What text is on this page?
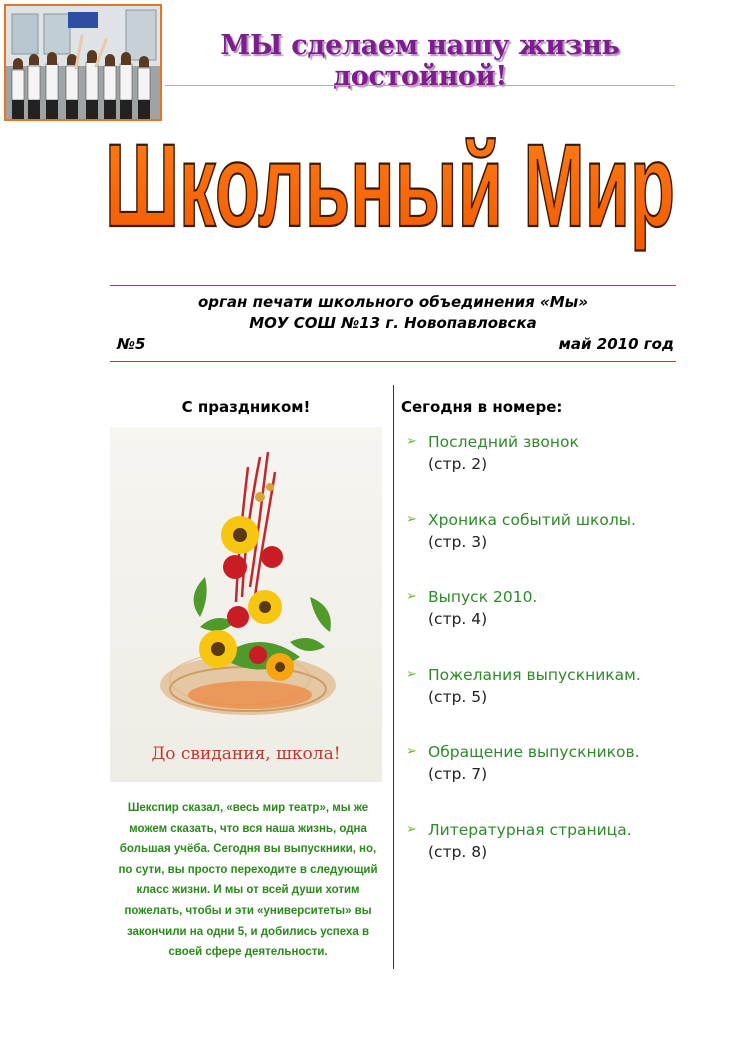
МЫ сделаем нашу жизнь достойной!
Школьный Мир
орган печати школьного объединения «Мы»
МОУ СОШ №13 г. Новопавловска
№5	май 2010 год
С праздником!
До свидания, школа!
Шекспир сказал, «весь мир театр», мы же можем сказать, что вся наша жизнь, одна большая учёба. Сегодня вы выпускники, но, по сути, вы просто переходите в следующий класс жизни. И мы от всей души хотим пожелать, чтобы и эти «университеты» вы закончили на одни 5, и добились успеха в своей сфере деятельности.
Сегодня в номере:
➢ Последний звонок
(стр. 2)
➢ Хроника событий школы.
(стр. 3)
➢ Выпуск 2010.
(стр. 4)
➢ Пожелания выпускникам.
(стр. 5)
➢ Обращение выпускников.
(стр. 7)
➢ Литературная страница.
(стр. 8)
